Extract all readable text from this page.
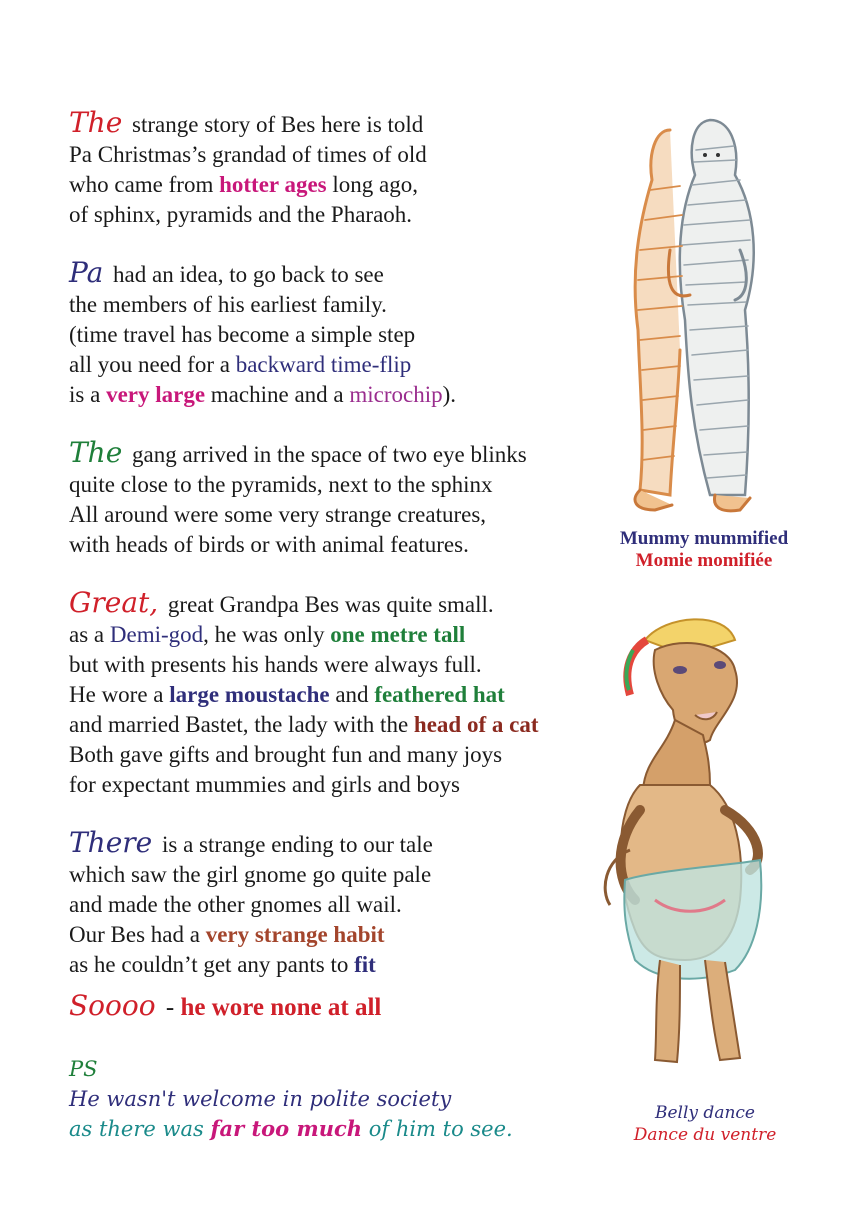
The strange story of Bes here is told
Pa Christmas’s grandad of times of old
who came from hotter ages long ago,
of sphinx, pyramids and the Pharaoh.
Pa had an idea, to go back to see
the members of his earliest family.
(time travel has become a simple step
all you need for a backward time-flip
is a very large machine and a microchip).
The gang arrived in the space of two eye blinks
quite close to the pyramids, next to the sphinx
All around were some very strange creatures,
with heads of birds or with animal features.
Great, great Grandpa Bes was quite small.
as a Demi-god, he was only one metre tall
but with presents his hands were always full.
He wore a large moustache and feathered hat
and married Bastet, the lady with the head of a cat
Both gave gifts and brought fun and many joys
for expectant mummies and girls and boys
There is a strange ending to our tale
which saw the girl gnome go quite pale
and made the other gnomes all wail.
Our Bes had a very strange habit
as he couldn’t get any pants to fit
Soooo - he wore none at all
PS
He wasn't welcome in polite society
as there was far too much of him to see.
Mummy mummified
Momie momifiée
Belly dance
Dance du ventre
